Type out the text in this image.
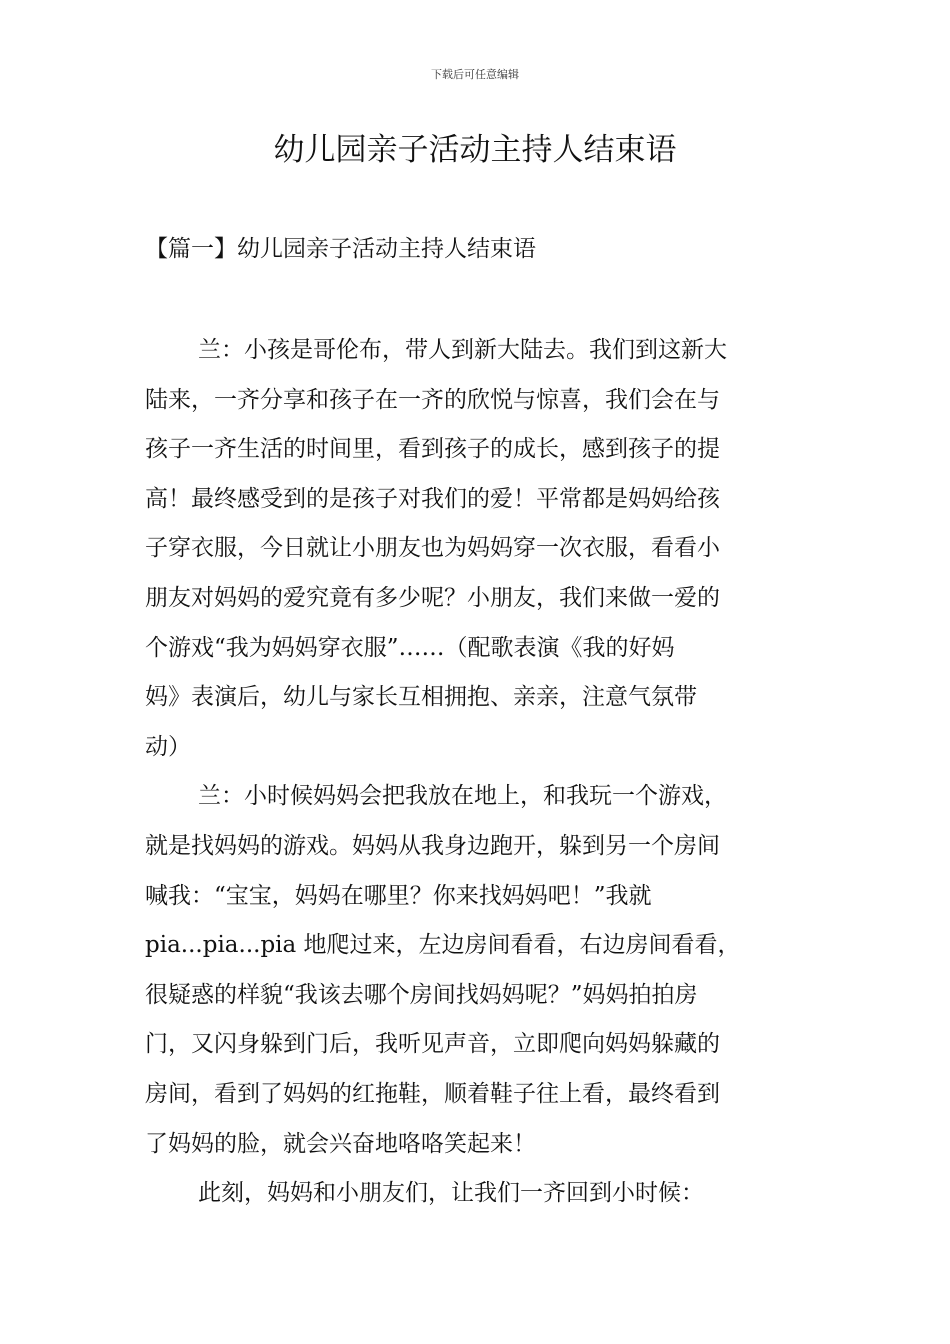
下载后可任意编辑
幼儿园亲子活动主持人结束语
【篇一】幼儿园亲子活动主持人结束语
兰：小孩是哥伦布，带人到新大陆去。我们到这新大
陆来，一齐分享和孩子在一齐的欣悦与惊喜，我们会在与
孩子一齐生活的时间里，看到孩子的成长，感到孩子的提
高！最终感受到的是孩子对我们的爱！平常都是妈妈给孩
子穿衣服，今日就让小朋友也为妈妈穿一次衣服，看看小
朋友对妈妈的爱究竟有多少呢？小朋友，我们来做一爱的
个游戏“我为妈妈穿衣服”……（配歌表演《我的好妈
妈》表演后，幼儿与家长互相拥抱、亲亲，注意气氛带
动）
兰：小时候妈妈会把我放在地上，和我玩一个游戏，
就是找妈妈的游戏。妈妈从我身边跑开，躲到另一个房间
喊我：“宝宝，妈妈在哪里？你来找妈妈吧！”我就
pia...pia...pia 地爬过来，左边房间看看，右边房间看看，
很疑惑的样貌“我该去哪个房间找妈妈呢？”妈妈拍拍房
门，又闪身躲到门后，我听见声音，立即爬向妈妈躲藏的
房间，看到了妈妈的红拖鞋，顺着鞋子往上看，最终看到
了妈妈的脸，就会兴奋地咯咯笑起来！
此刻，妈妈和小朋友们，让我们一齐回到小时候：
